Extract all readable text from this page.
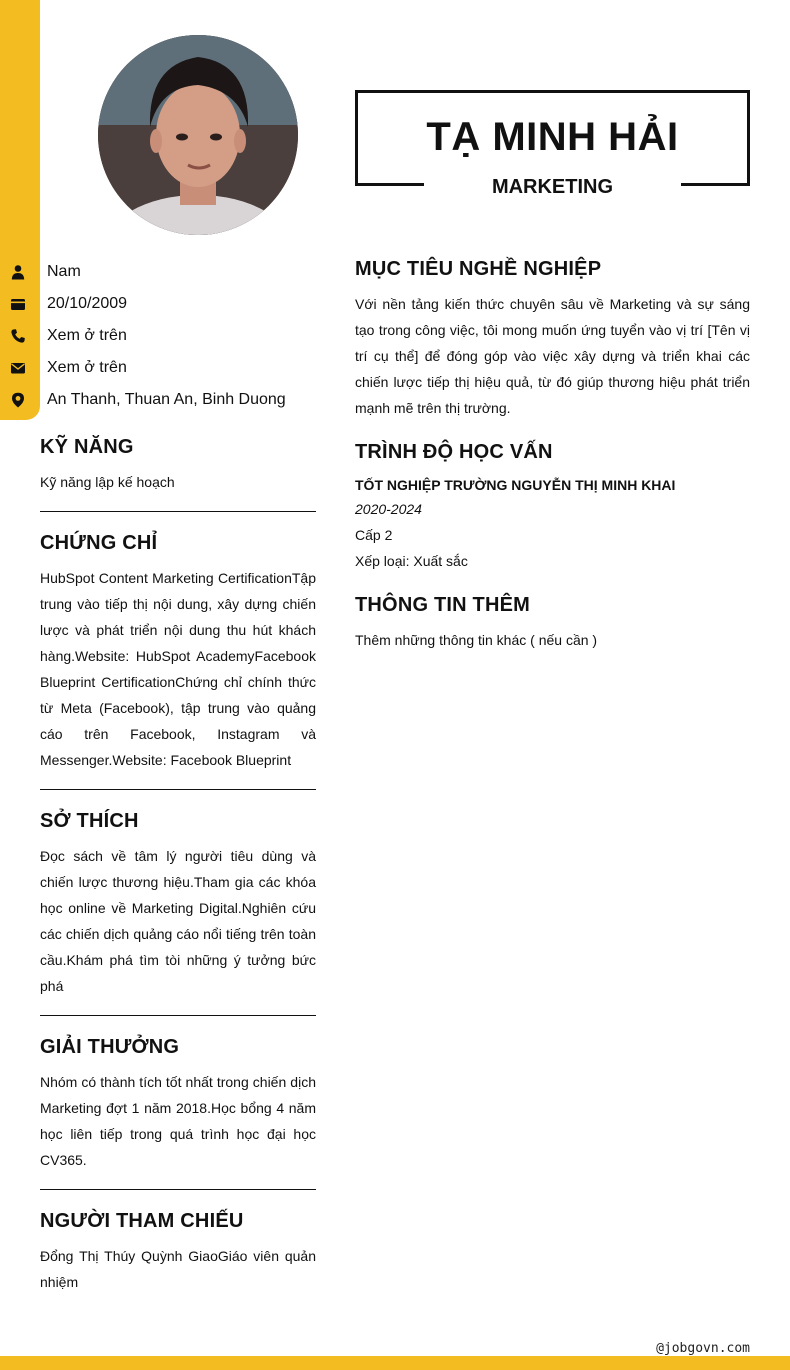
TẠ MINH HẢI
MARKETING
Nam
20/10/2009
Xem ở trên
Xem ở trên
An Thanh, Thuan An, Binh Duong
KỸ NĂNG

Kỹ năng lập kế hoạch

CHỨNG CHỈ

HubSpot Content Marketing CertificationTập trung vào tiếp thị nội dung, xây dựng chiến lược và phát triển nội dung thu hút khách hàng.Website: HubSpot AcademyFacebook Blueprint CertificationChứng chỉ chính thức từ Meta (Facebook), tập trung vào quảng cáo trên Facebook, Instagram và Messenger.Website: Facebook Blueprint

SỞ THÍCH

Đọc sách về tâm lý người tiêu dùng và chiến lược thương hiệu.Tham gia các khóa học online về Marketing Digital.Nghiên cứu các chiến dịch quảng cáo nổi tiếng trên toàn cầu.Khám phá tìm tòi những ý tưởng bức phá

GIẢI THƯỞNG

Nhóm có thành tích tốt nhất trong chiến dịch Marketing đợt 1 năm 2018.Học bổng 4 năm học liên tiếp trong quá trình học đại học CV365.

NGƯỜI THAM CHIẾU

Đổng Thị Thúy Quỳnh GiaoGiáo viên quản nhiệm

MỤC TIÊU NGHỀ NGHIỆP

Với nền tảng kiến thức chuyên sâu về Marketing và sự sáng tạo trong công việc, tôi mong muốn ứng tuyển vào vị trí [Tên vị trí cụ thể] để đóng góp vào việc xây dựng và triển khai các chiến lược tiếp thị hiệu quả, từ đó giúp thương hiệu phát triển mạnh mẽ trên thị trường.

TRÌNH ĐỘ HỌC VẤN

TỐT NGHIỆP TRƯỜNG NGUYỄN THỊ MINH KHAI

2020-2024

Cấp 2

Xếp loại: Xuất sắc

THÔNG TIN THÊM

Thêm những thông tin khác ( nếu cần )

@jobgovn.com
